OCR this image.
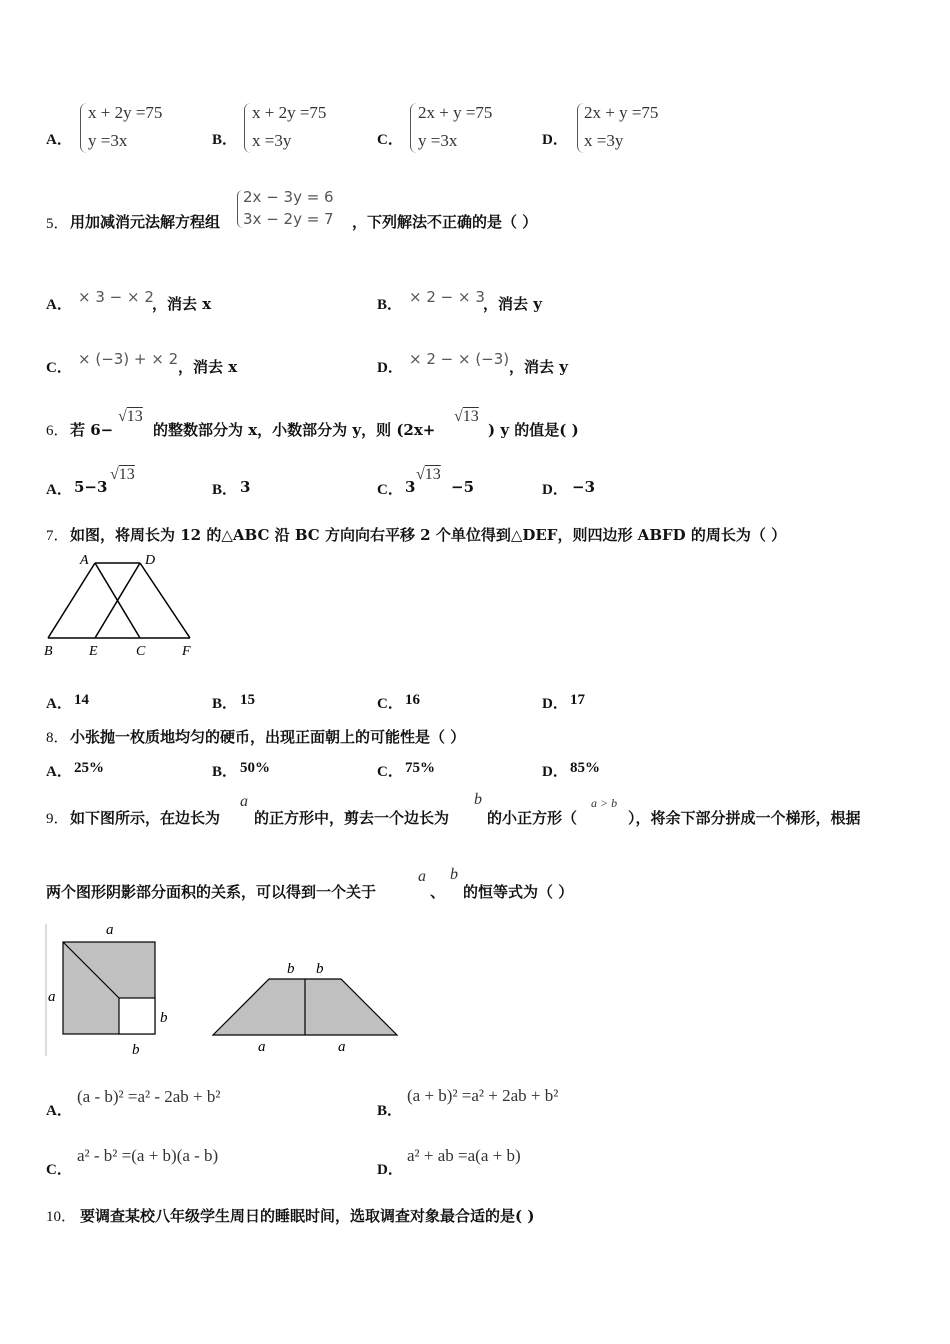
A．
x + 2y =75
y =3x	B．
x + 2y =75
x =3y	C．
2x + y =75
y =3x	D．
2x + y =75
x =3y
5． 用加减消元法解方程组
2x − 3y = 6
3x − 2y = 7 ，下列解法不正确的是（ ）
A． × 3 − × 2
，消去 x	B． × 2 − × 3
，消去 y
C． × (−3) + × 2 ，消去 x	D． × 2 − × (−3) ，消去 y
6． 若 6−
√13
的整数部分为 x，小数部分为 y，则 (2x+
√13
) y 的值是( )
A． 5−3
√13
B． 3	C． 3
√13
−5	D． −3
7． 如图，将周长为 12 的△ABC 沿 BC 方向向右平移 2 个单位得到△DEF，则四边形 ABFD 的周长为（ ）
A	D
B	E	C	F
A． 14	B． 15	C． 16	D． 17
8． 小张抛一枚质地均匀的硬币，出现正面朝上的可能性是（ ）
A． 25%	B． 50%	C． 75%	D． 85%
9． 如下图所示，在边长为
a
的正方形中，剪去一个边长为
b
的小正方形（
a > b
），将余下部分拼成一个梯形，根据
两个图形阴影部分面积的关系，可以得到一个关于
a
、
b
的恒等式为（ ）
a
a
b
b
b b
a	a
A．
(a - b)² =a² - 2ab + b²
B．
(a + b)² =a² + 2ab + b²
C．
a² - b² =(a + b)(a - b)
D．
a² + ab =a(a + b)
10． 要调查某校八年级学生周日的睡眠时间，选取调查对象最合适的是( )
